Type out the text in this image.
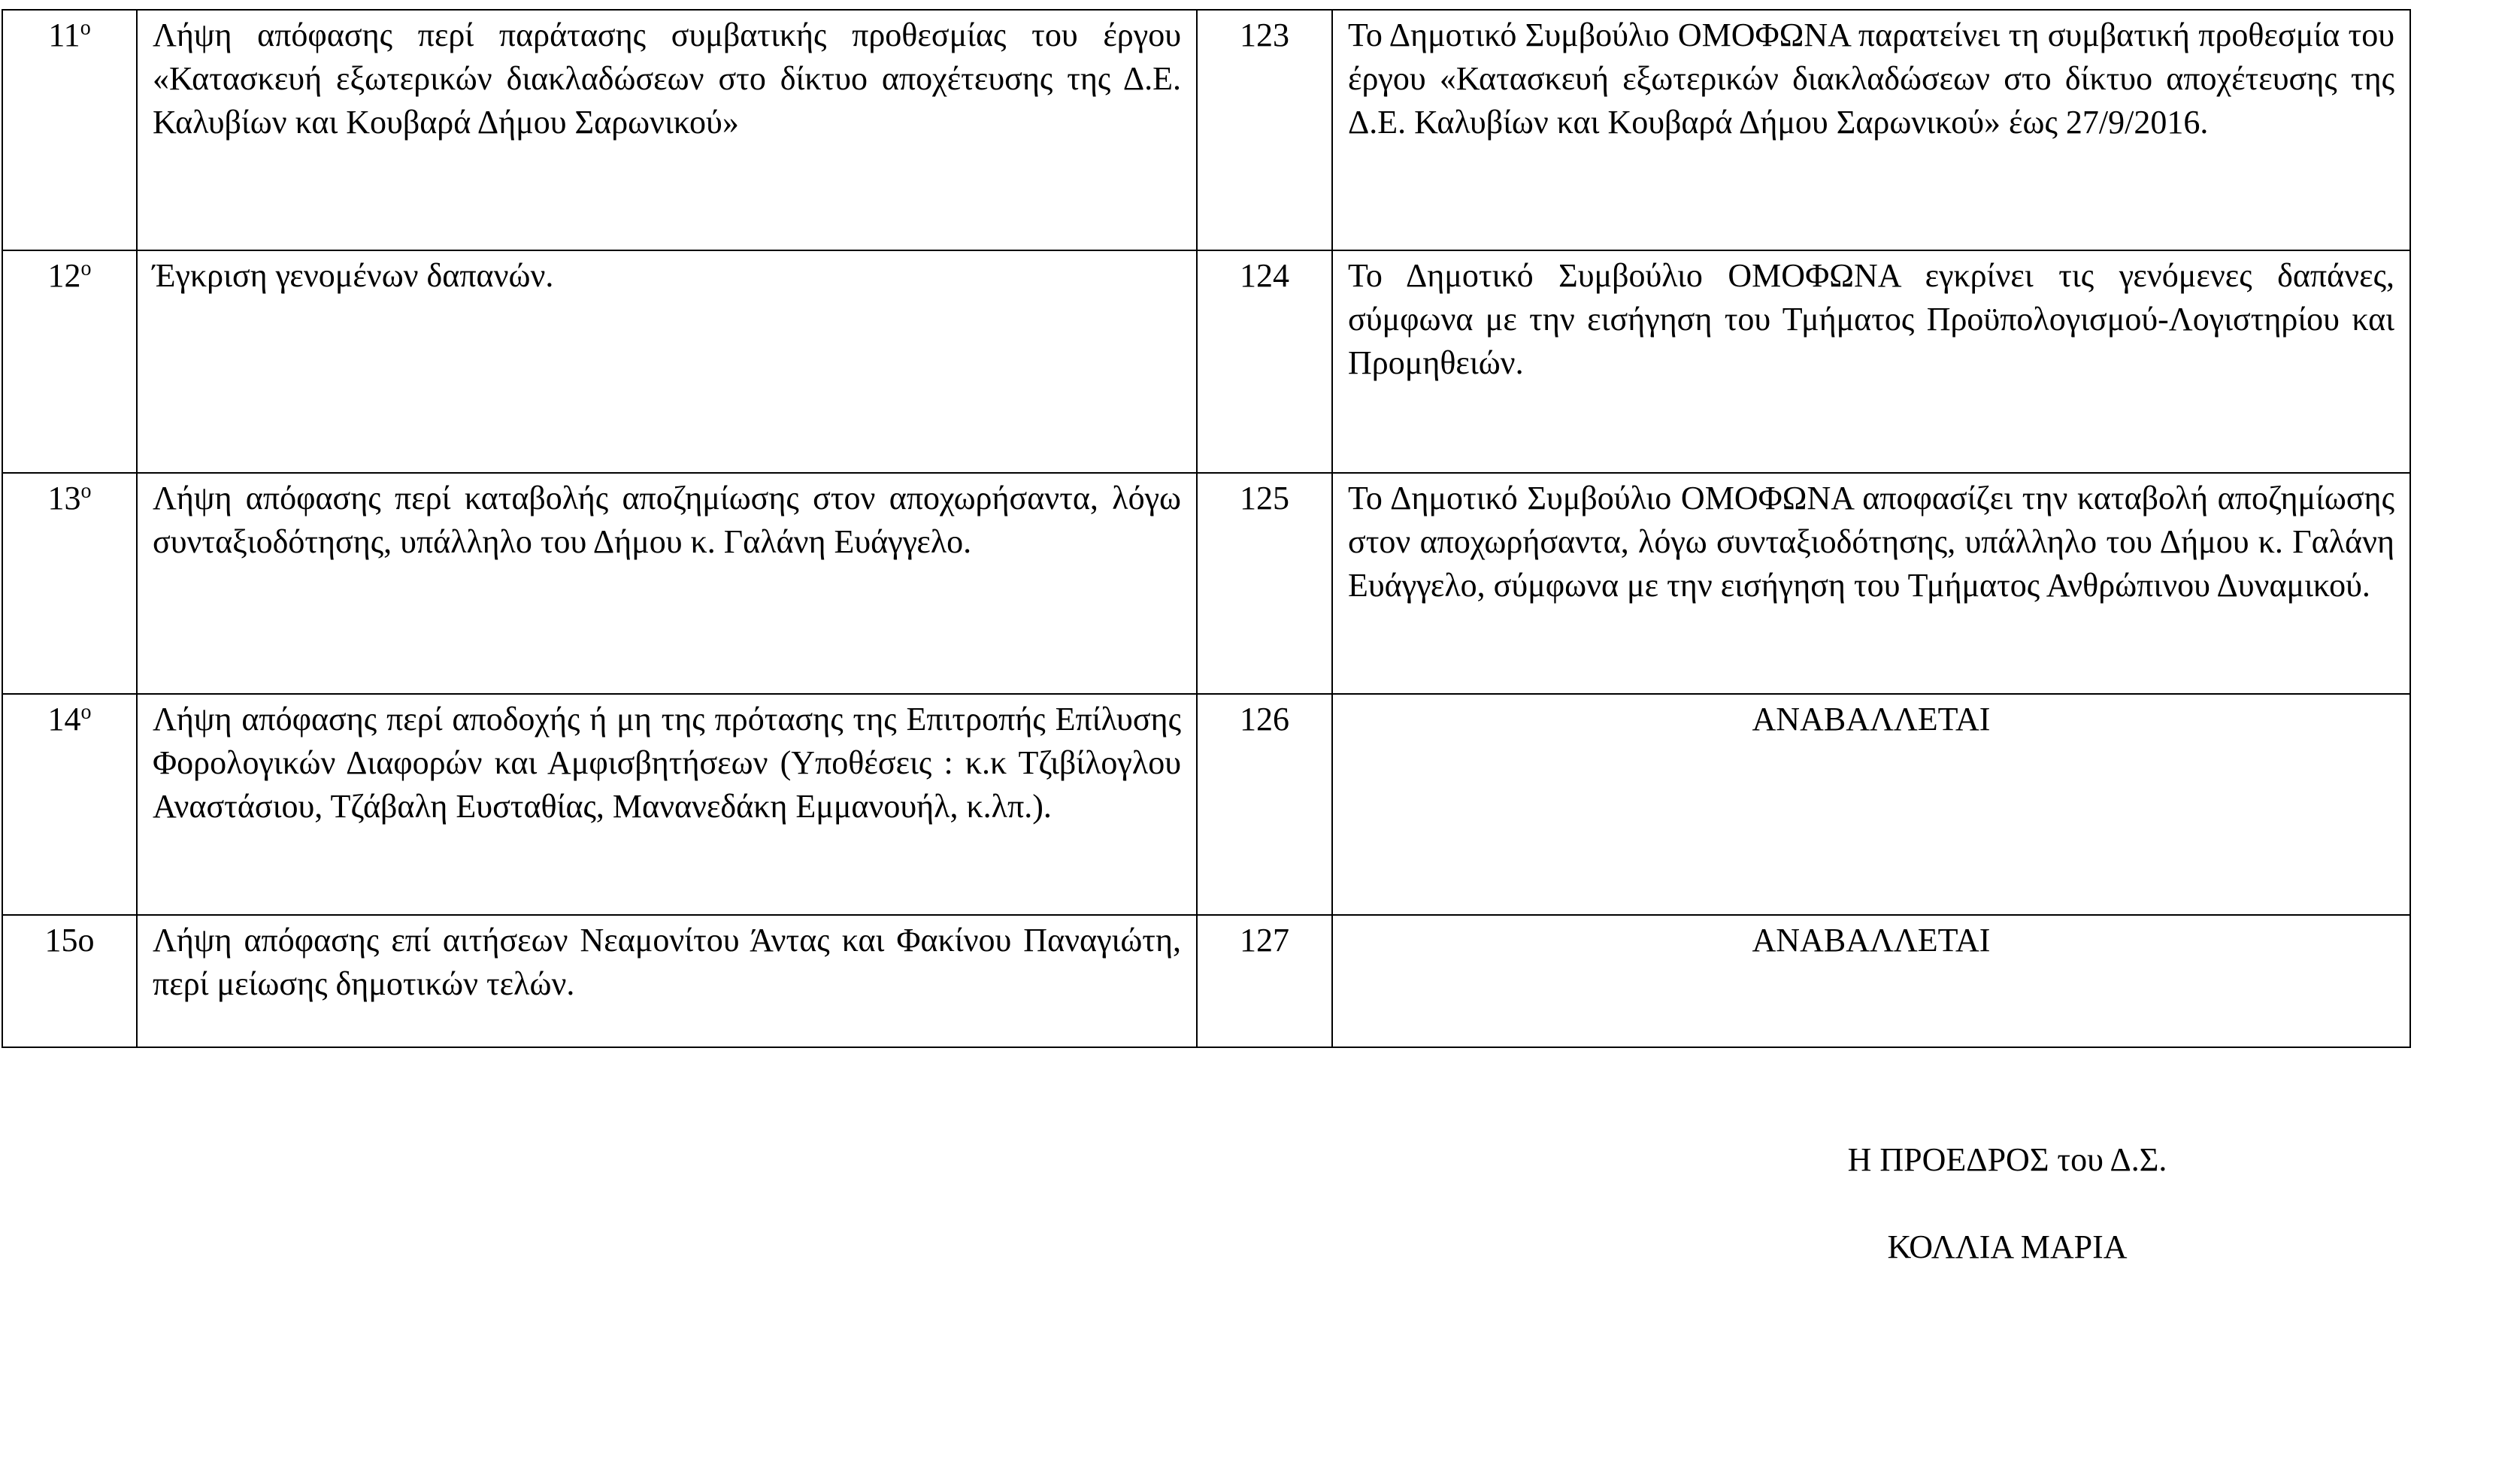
$11^o$	Λήψη απόφασης περί παράτασης συμβατικής προθεσμίας του έργου «Κατασκευή εξωτερικών διακλαδώσεων στο δίκτυο αποχέτευσης της Δ.Ε. Καλυβίων και Κουβαρά Δήμου Σαρωνικού»	123	Το Δημοτικό Συμβούλιο ΟΜΟΦΩΝΑ παρατείνει τη συμβατική προθεσμία του έργου «Κατασκευή εξωτερικών διακλαδώσεων στο δίκτυο αποχέτευσης της Δ.Ε. Καλυβίων και Κουβαρά Δήμου Σαρωνικού» έως 27/9/2016.
$12^o$	Έγκριση γενομένων δαπανών.	124	Το Δημοτικό Συμβούλιο ΟΜΟΦΩΝΑ εγκρίνει τις γενόμενες δαπάνες, σύμφωνα με την εισήγηση του Τμήματος Προϋπολογισμού-Λογιστηρίου και Προμηθειών.
$13^o$	Λήψη απόφασης περί καταβολής αποζημίωσης στον αποχωρήσαντα, λόγω συνταξιοδότησης, υπάλληλο του Δήμου κ. Γαλάνη Ευάγγελο.	125	Το Δημοτικό Συμβούλιο ΟΜΟΦΩΝΑ αποφασίζει την καταβολή αποζημίωσης στον αποχωρήσαντα, λόγω συνταξιοδότησης, υπάλληλο του Δήμου κ. Γαλάνη Ευάγγελο, σύμφωνα με την εισήγηση του Τμήματος Ανθρώπινου Δυναμικού.
$14^o$	Λήψη απόφασης περί αποδοχής ή μη της πρότασης της Επιτροπής Επίλυσης Φορολογικών Διαφορών και Αμφισβητήσεων (Υποθέσεις : κ.κ Τζιβίλογλου Αναστάσιου, Τζάβαλη Ευσταθίας, Μανανεδάκη Εμμανουήλ, κ.λπ.).	126	ΑΝΑΒΑΛΛΕΤΑΙ
15ο	Λήψη απόφασης επί αιτήσεων Νεαμονίτου Άντας και Φακίνου Παναγιώτη, περί μείωσης δημοτικών τελών.	127	ΑΝΑΒΑΛΛΕΤΑΙ
Η ΠΡΟΕΔΡΟΣ του Δ.Σ.
ΚΟΛΛΙΑ ΜΑΡΙΑ
